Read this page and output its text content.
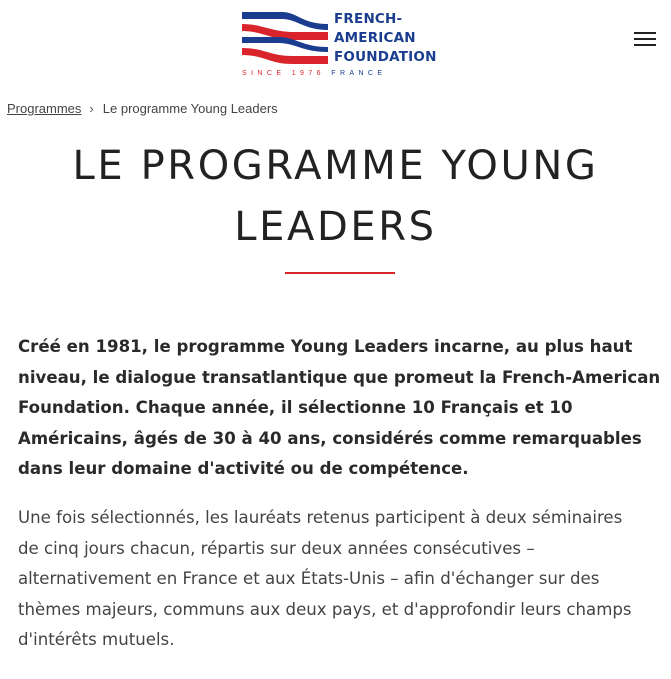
FRENCH-
AMERICAN
FOUNDATION
SINCE 1976 FRANCE
Programmes › Le programme Young Leaders
LE PROGRAMME YOUNG LEADERS

Créé en 1981, le programme Young Leaders incarne, au plus haut niveau, le dialogue transatlantique que promeut la French-American Foundation. Chaque année, il sélectionne 10 Français et 10 Américains, âgés de 30 à 40 ans, considérés comme remarquables dans leur domaine d'activité ou de compétence.

Une fois sélectionnés, les lauréats retenus participent à deux séminaires de cinq jours chacun, répartis sur deux années consécutives – alternativement en France et aux États-Unis – afin d'échanger sur des thèmes majeurs, communs aux deux pays, et d'approfondir leurs champs d'intérêts mutuels.
